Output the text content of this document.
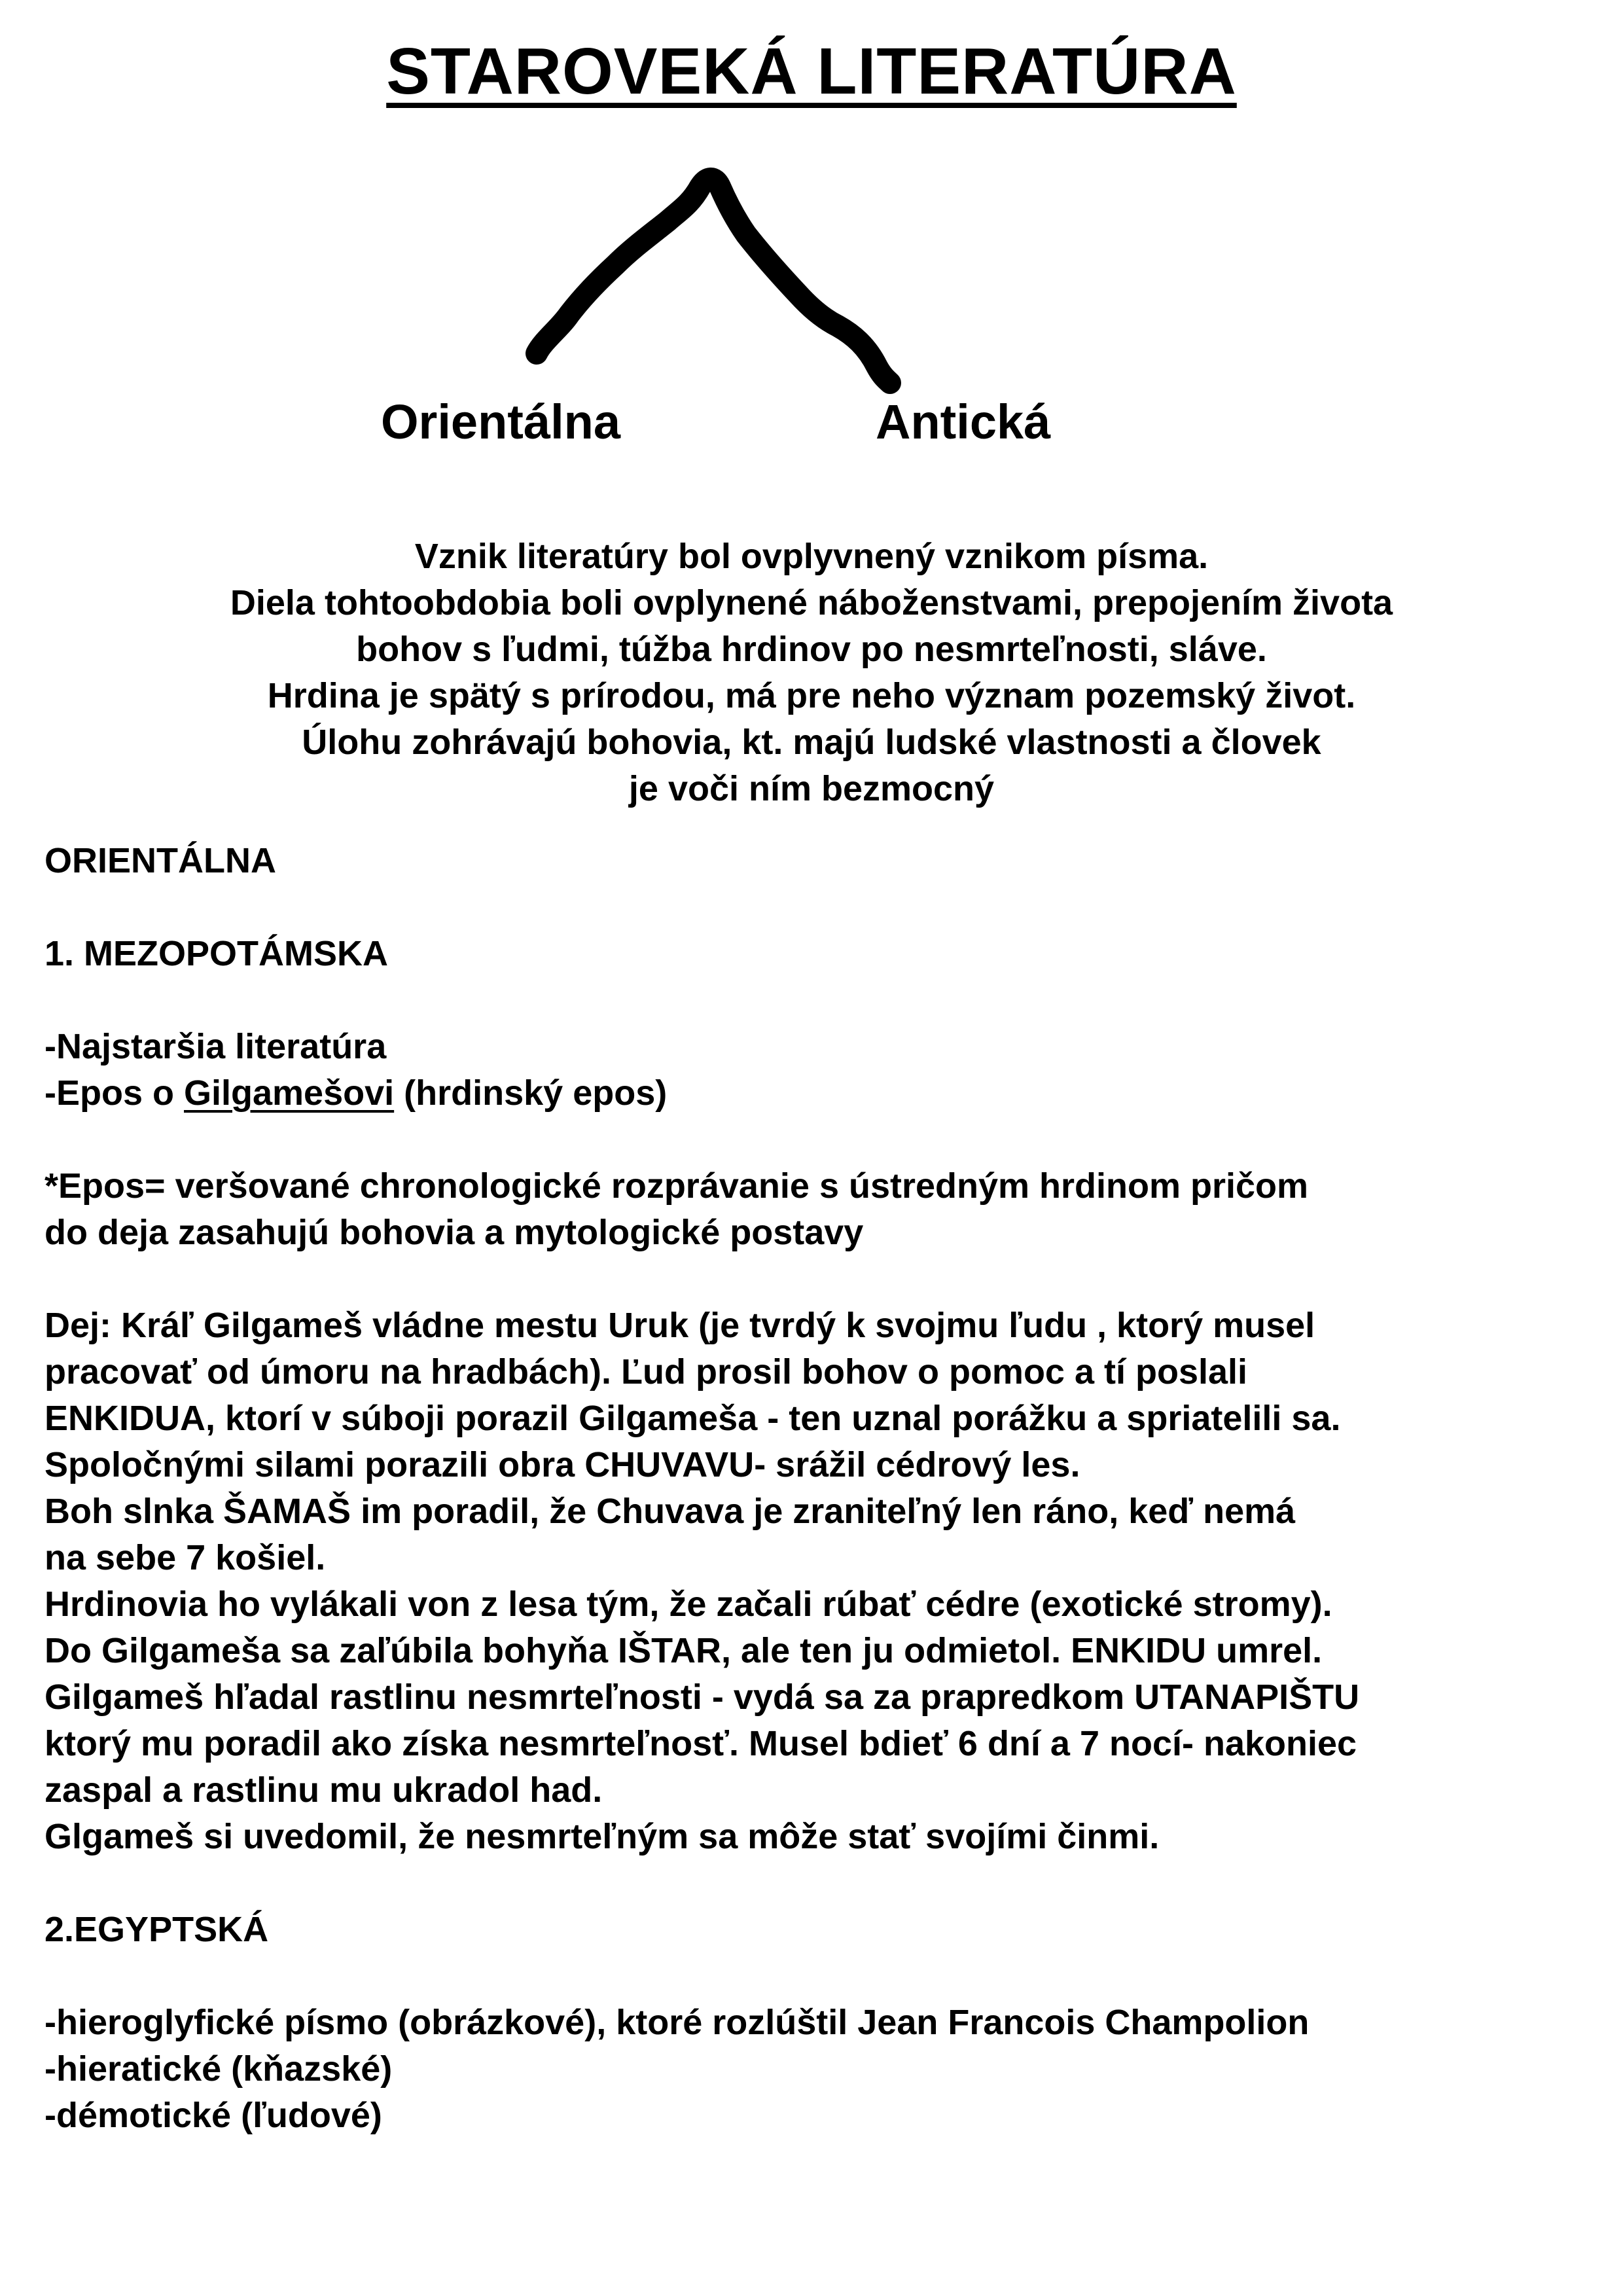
STAROVEKÁ LITERATÚRA
Orientálna	Antická
Vznik literatúry bol ovplyvnený vznikom písma.
Diela tohtoobdobia boli ovplynené náboženstvami, prepojením života
bohov s ľudmi, túžba hrdinov po nesmrteľnosti, sláve.
Hrdina je spätý s prírodou, má pre neho význam pozemský život.
Úlohu zohrávajú bohovia, kt. majú ludské vlastnosti a človek
je voči ním bezmocný
ORIENTÁLNA
1. MEZOPOTÁMSKA
-Najstaršia literatúra
-Epos o Gilgamešovi (hrdinský epos)
*Epos= veršované chronologické rozprávanie s ústredným hrdinom pričom
do deja zasahujú bohovia a mytologické postavy
Dej: Kráľ Gilgameš vládne mestu Uruk (je tvrdý k svojmu ľudu , ktorý musel
pracovať od úmoru na hradbách). Ľud prosil bohov o pomoc a tí poslali
ENKIDUA, ktorí v súboji porazil Gilgameša - ten uznal porážku a spriatelili sa.
Spoločnými silami porazili obra CHUVAVU- srážil cédrový les.
Boh slnka ŠAMAŠ im poradil, že Chuvava je zraniteľný len ráno, keď nemá
na sebe 7 košiel.
Hrdinovia ho vylákali von z lesa tým, že začali rúbať cédre (exotické stromy).
Do Gilgameša sa zaľúbila bohyňa IŠTAR, ale ten ju odmietol. ENKIDU umrel.
Gilgameš hľadal rastlinu nesmrteľnosti - vydá sa za prapredkom UTANAPIŠTU
ktorý mu poradil ako získa nesmrteľnosť. Musel bdieť 6 dní a 7 nocí- nakoniec
zaspal a rastlinu mu ukradol had.
Glgameš si uvedomil, že nesmrteľným sa môže stať svojími činmi.
2.EGYPTSKÁ
-hieroglyfické písmo (obrázkové), ktoré rozlúštil Jean Francois Champolion
-hieratické (kňazské)
-démotické (ľudové)
